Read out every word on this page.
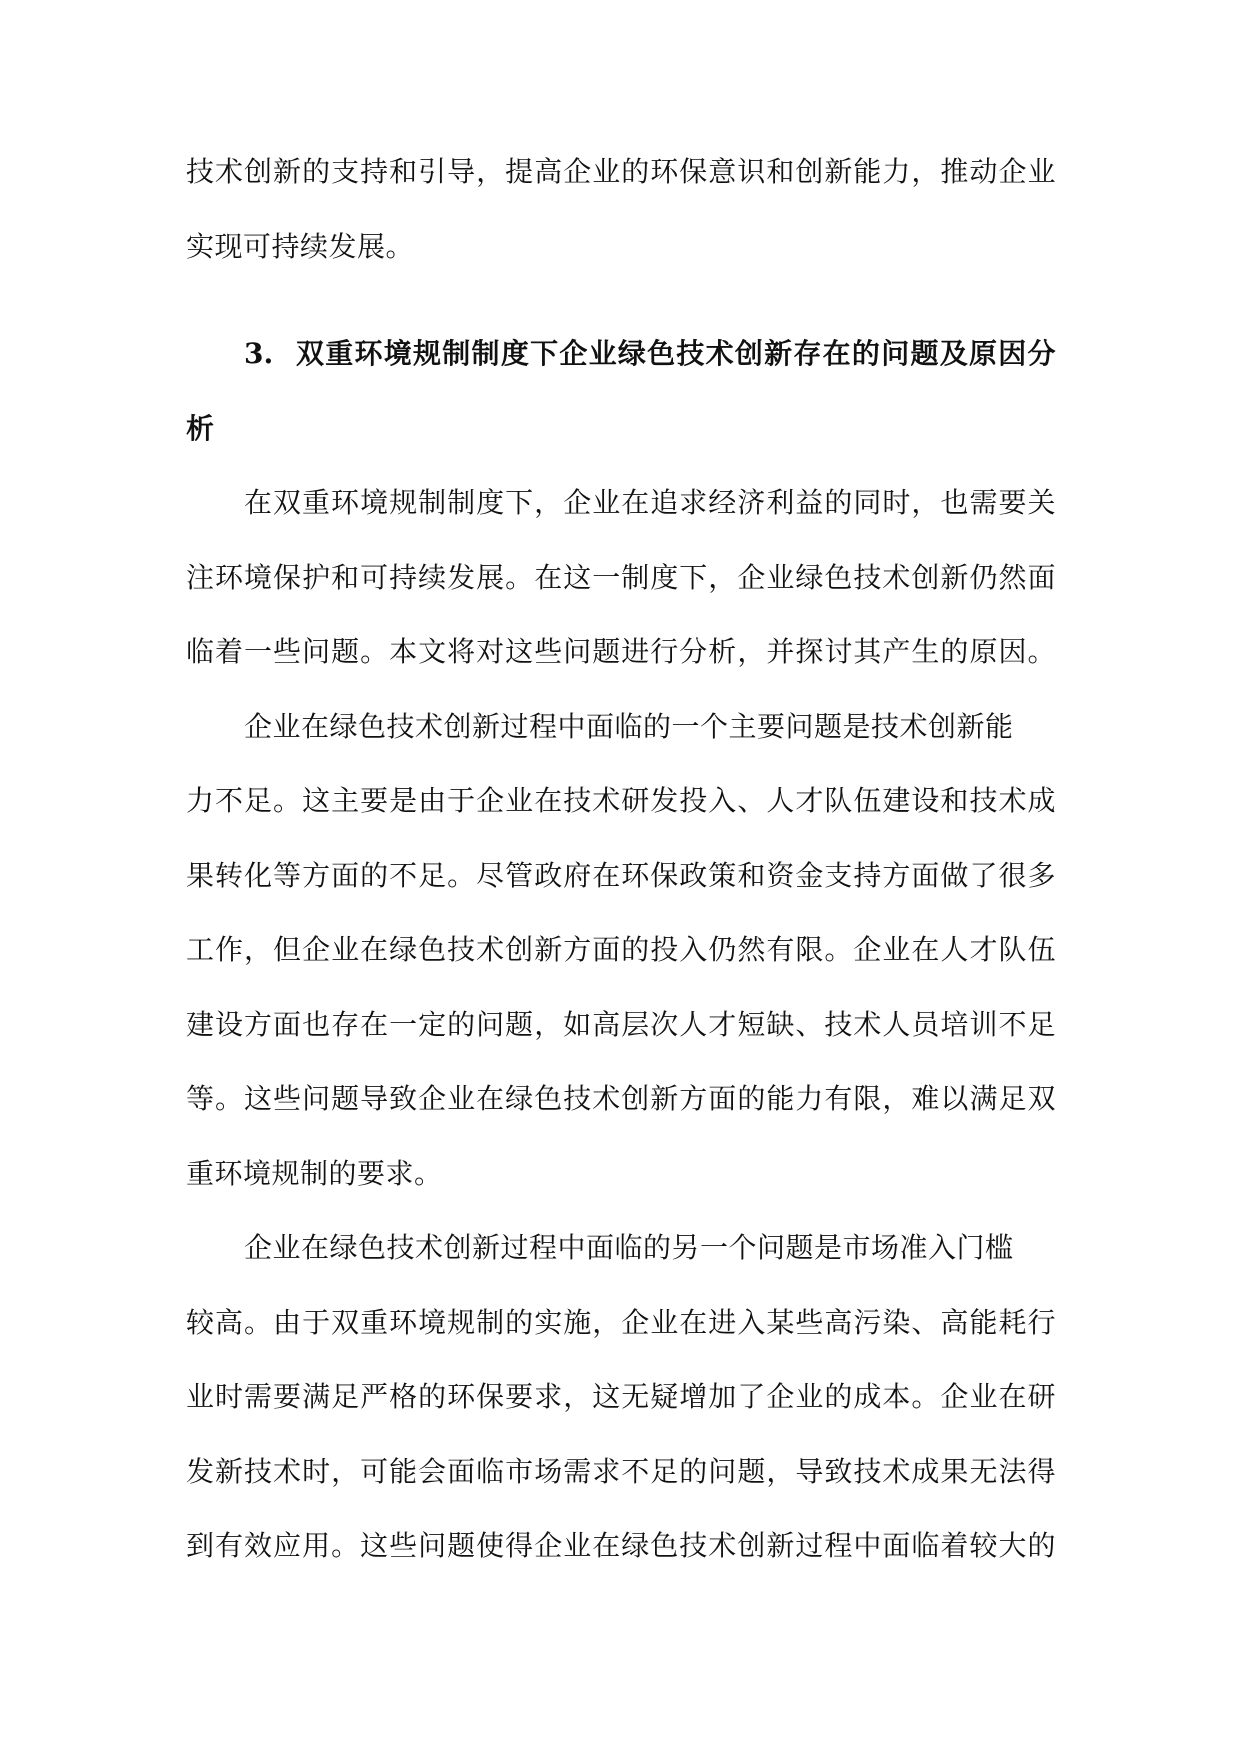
技术创新的支持和引导，提高企业的环保意识和创新能力，推动企业
实现可持续发展。
3. 双重环境规制制度下企业绿色技术创新存在的问题及原因分
析
在双重环境规制制度下，企业在追求经济利益的同时，也需要关
注环境保护和可持续发展。在这一制度下，企业绿色技术创新仍然面
临着一些问题。本文将对这些问题进行分析，并探讨其产生的原因。
企业在绿色技术创新过程中面临的一个主要问题是技术创新能
力不足。这主要是由于企业在技术研发投入、人才队伍建设和技术成
果转化等方面的不足。尽管政府在环保政策和资金支持方面做了很多
工作，但企业在绿色技术创新方面的投入仍然有限。企业在人才队伍
建设方面也存在一定的问题，如高层次人才短缺、技术人员培训不足
等。这些问题导致企业在绿色技术创新方面的能力有限，难以满足双
重环境规制的要求。
企业在绿色技术创新过程中面临的另一个问题是市场准入门槛
较高。由于双重环境规制的实施，企业在进入某些高污染、高能耗行
业时需要满足严格的环保要求，这无疑增加了企业的成本。企业在研
发新技术时，可能会面临市场需求不足的问题，导致技术成果无法得
到有效应用。这些问题使得企业在绿色技术创新过程中面临着较大的
